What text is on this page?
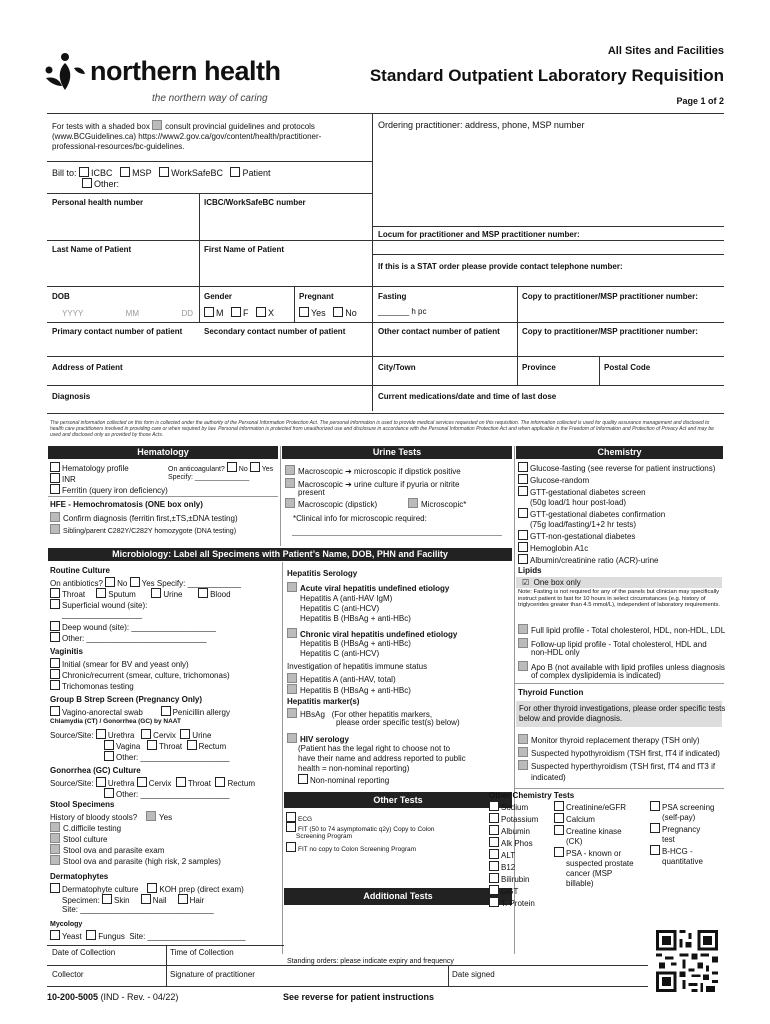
northern health
the northern way of caring
All Sites and Facilities
Standard Outpatient Laboratory Requisition
Page 1 of 2
For tests with a shaded box consult provincial guidelines and protocols
(www.BCGuidelines.ca) https://www2.gov.ca/gov/content/health/practitioner-
professional-resources/bc-guidelines.
Ordering practitioner: address, phone, MSP number
Bill to: ICBC MSP WorkSafeBC Patient
Other:
Personal health number	ICBC/WorkSafeBC number
Locum for practitioner and MSP practitioner number:
Last Name of Patient	First Name of Patient
If this is a STAT order please provide contact telephone number:
DOB
YYYY	MM	DD
Gender
M F X
Pregnant
Yes No
Fasting
_______ h pc
Copy to practitioner/MSP practitioner number:
Primary contact number of patient	Secondary contact number of patient	Other contact number of patient	Copy to practitioner/MSP practitioner number:
Address of Patient	City/Town	Province	Postal Code
Diagnosis	Current medications/date and time of last dose
The personal information collected on this form is collected under the authority of the Personal Information Protection Act. The personal information is used to provide medical services requested on this requisition. The information collected is used for quality assurance management and disclosed to health care practitioners involved in providing care or when required by law. Personal information is protected from unauthorized use and disclosure in accordance with the Personal Information Protection Act and when applicable in the Freedom of Information and Protection of Privacy Act and may be used and disclosed only as provided by those Acts.
Hematology	Urine Tests	Chemistry
Hematology profile	On anticoagulant? No Yes
INR	Specify: ______________
Ferritin (query iron deficiency)
HFE - Hemochromatosis (ONE box only)
Confirm diagnosis (ferritin first,±TS,±DNA testing)
Sibling/parent C282Y/C282Y homozygote (DNA testing)
Macroscopic ➔ microscopic if dipstick positive
Macroscopic ➔ urine culture if pyuria or nitrite
present
Macroscopic (dipstick)	Microscopic*
*Clinical info for microscopic required:
Glucose-fasting (see reverse for patient instructions)
Glucose-random
GTT-gestational diabetes screen
(50g load/1 hour post-load)
GTT-gestational diabetes confirmation
(75g load/fasting/1+2 hr tests)
GTT-non-gestational diabetes
Hemoglobin A1c
Albumin/creatinine ratio (ACR)-urine
Microbiology: Label all Specimens with Patient’s Name, DOB, PHN and Facility
Routine Culture
On antibiotics? No Yes Specify: ____________
Throat	Sputum	Urine	Blood
Superficial wound (site):
__________________
Deep wound (site): ___________________
Other: ___________________________
Vaginitis
Initial (smear for BV and yeast only)
Chronic/recurrent (smear, culture, trichomonas)
Trichomonas testing
Group B Strep Screen (Pregnancy Only)
Vagino-anorectal swab	Penicillin allergy
Chlamydia (CT) / Gonorrhea (GC) by NAAT
Source/Site: Urethra Cervix Urine
Vagina Throat Rectum
Other: ____________________
Gonorrhea (GC) Culture
Source/Site: Urethra Cervix Throat Rectum
Other: ____________________
Stool Specimens
History of bloody stools?	Yes
C.difficile testing
Stool culture
Stool ova and parasite exam
Stool ova and parasite (high risk, 2 samples)
Dermatophytes
Dermatophyte culture	KOH prep (direct exam)
Specimen: Skin	Nail	Hair
Site: ______________________________
Mycology
Yeast Fungus Site: ______________________
Hepatitis Serology
Acute viral hepatitis undefined etiology
Hepatitis A (anti-HAV IgM)
Hepatitis C (anti-HCV)
Hepatitis B (HBsAg + anti-HBc)
Chronic viral hepatitis undefined etiology
Hepatitis B (HBsAg + anti-HBc)
Hepatitis C (anti-HCV)
Investigation of hepatitis immune status
Hepatitis A (anti-HAV, total)
Hepatitis B (HBsAg + anti-HBc)
Hepatitis marker(s)
HBsAg (For other hepatitis markers,
please order specific test(s) below)
HIV serology
(Patient has the legal right to choose not to
have their name and address reported to public
health = non-nominal reporting)
Non-nominal reporting
Other Tests
ECG
FIT (50 to 74 asymptomatic q2y) Copy to Colon
Screening Program
FIT no copy to Colon Screening Program
Additional Tests
Lipids
☑ One box only
Note: Fasting is not required for any of the panels but clinician may specifically instruct patient to fast for 10 hours in select circumstances (e.g. history of triglycerides greater than 4.5 mmol/L), independent of laboratory requirements.
Full lipid profile - Total cholesterol, HDL, non-HDL, LDL
Follow-up lipid profile - Total cholesterol, HDL and
non-HDL only
Apo B (not available with lipid profiles unless diagnosis
of complex dyslipidemia is indicated)
Thyroid Function
For other thyroid investigations, please order specific tests
below and provide diagnosis.
Monitor thyroid replacement therapy (TSH only)
Suspected hypothyroidism (TSH first, fT4 if indicated)
Suspected hyperthyroidism (TSH first, fT4 and fT3 if
indicated)
Other Chemistry Tests
Sodium
Potassium
Albumin
Alk Phos
ALT
B12
Bilirubin
GGT
T. Protein
Creatinine/eGFR
Calcium
Creatine kinase
(CK)
PSA - known or
suspected prostate
cancer (MSP
billable)
PSA screening
(self-pay)
Pregnancy
test
B-HCG -
quantitative
Date of Collection	Time of Collection
Standing orders: please indicate expiry and frequency
Collector	Signature of practitioner	Date signed
10-200-5005 (IND - Rev. - 04/22)	See reverse for patient instructions
